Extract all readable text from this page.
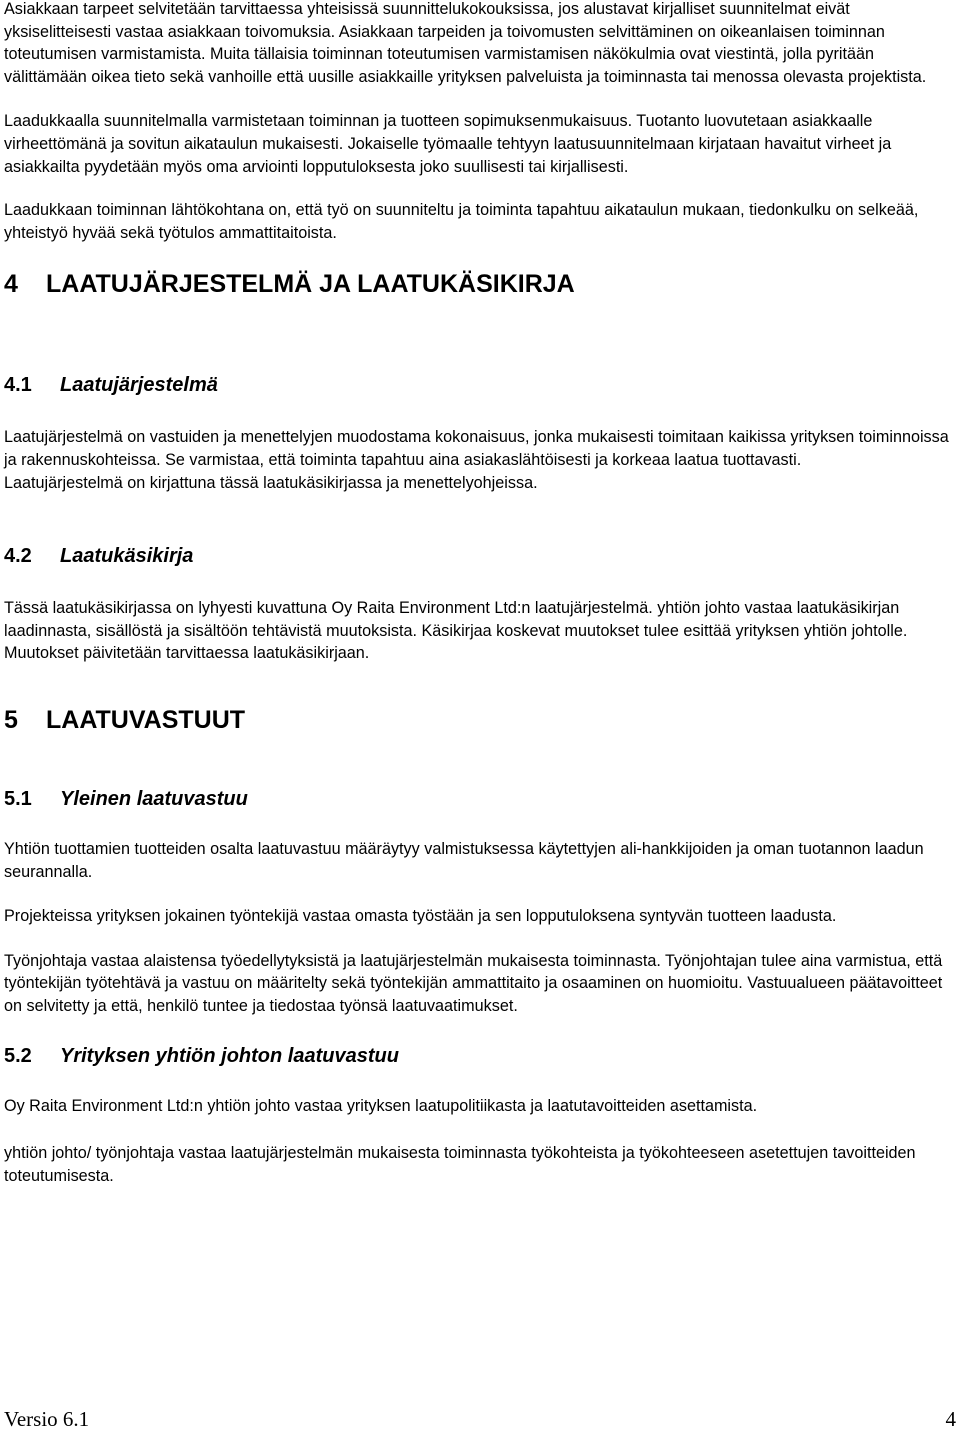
Asiakkaan tarpeet selvitetään tarvittaessa yhteisissä suunnittelukokouksissa, jos alustavat kirjalliset suunnitelmat eivät yksiselitteisesti vastaa asiakkaan toivomuksia. Asiakkaan tarpeiden ja toivomusten selvittäminen on oikeanlaisen toiminnan toteutumisen varmistamista. Muita tällaisia toiminnan toteutumisen varmistamisen näkökulmia ovat viestintä, jolla pyritään välittämään oikea tieto sekä vanhoille että uusille asiakkaille yrityksen palveluista ja toiminnasta tai menossa olevasta projektista.

Laadukkaalla suunnitelmalla varmistetaan toiminnan ja tuotteen sopimuksenmukaisuus. Tuotanto luovutetaan asiakkaalle virheettömänä ja sovitun aikataulun mukaisesti. Jokaiselle työmaalle tehtyyn laatusuunnitelmaan kirjataan havaitut virheet ja asiakkailta pyydetään myös oma arviointi lopputuloksesta joko suullisesti tai kirjallisesti.

Laadukkaan toiminnan lähtökohtana on, että työ on suunniteltu ja toiminta tapahtuu aikataulun mukaan, tiedonkulku on selkeää, yhteistyö hyvää sekä työtulos ammattitaitoista.

4 LAATUJÄRJESTELMÄ JA LAATUKÄSIKIRJA
4.1 Laatujärjestelmä

Laatujärjestelmä on vastuiden ja menettelyjen muodostama kokonaisuus, jonka mukaisesti toimitaan kaikissa yrityksen toiminnoissa ja rakennuskohteissa. Se varmistaa, että toiminta tapahtuu aina asiakaslähtöisesti ja korkeaa laatua tuottavasti.

Laatujärjestelmä on kirjattuna tässä laatukäsikirjassa ja menettelyohjeissa.

4.2 Laatukäsikirja

Tässä laatukäsikirjassa on lyhyesti kuvattuna Oy Raita Environment Ltd:n laatujärjestelmä. yhtiön johto vastaa laatukäsikirjan laadinnasta, sisällöstä ja sisältöön tehtävistä muutoksista. Käsikirjaa koskevat muutokset tulee esittää yrityksen yhtiön johtolle. Muutokset päivitetään tarvittaessa laatukäsikirjaan.

5 LAATUVASTUUT
5.1 Yleinen laatuvastuu

Yhtiön tuottamien tuotteiden osalta laatuvastuu määräytyy valmistuksessa käytettyjen ali-hankkijoiden ja oman tuotannon laadun seurannalla.

Projekteissa yrityksen jokainen työntekijä vastaa omasta työstään ja sen lopputuloksena syntyvän tuotteen laadusta.

Työnjohtaja vastaa alaistensa työedellytyksistä ja laatujärjestelmän mukaisesta toiminnasta. Työnjohtajan tulee aina varmistua, että työntekijän työtehtävä ja vastuu on määritelty sekä työntekijän ammattitaito ja osaaminen on huomioitu. Vastuualueen päätavoitteet on selvitetty ja että, henkilö tuntee ja tiedostaa työnsä laatuvaatimukset.

5.2 Yrityksen yhtiön johton laatuvastuu

Oy Raita Environment Ltd:n yhtiön johto vastaa yrityksen laatupolitiikasta ja laatutavoitteiden asettamista.

yhtiön johto/ työnjohtaja vastaa laatujärjestelmän mukaisesta toiminnasta työkohteista ja työkohteeseen asetettujen tavoitteiden toteutumisesta.

Versio 6.1	4
